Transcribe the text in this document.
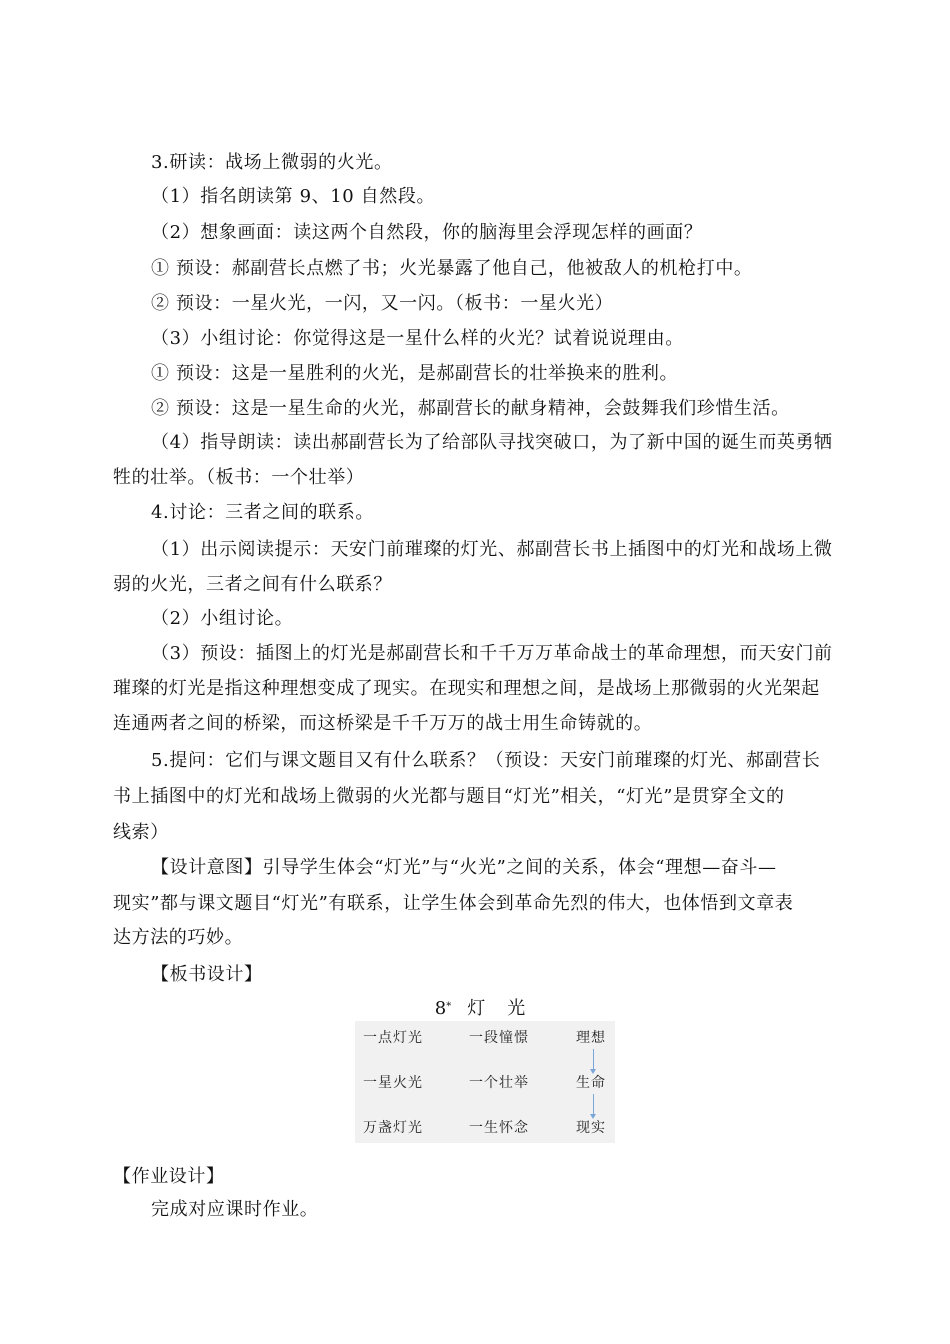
3.研读：战场上微弱的火光。
（1）指名朗读第 9、10 自然段。
（2）想象画面：读这两个自然段，你的脑海里会浮现怎样的画面？
① 预设：郝副营长点燃了书；火光暴露了他自己，他被敌人的机枪打中。
② 预设：一星火光，一闪，又一闪。（板书：一星火光）
（3）小组讨论：你觉得这是一星什么样的火光？试着说说理由。
① 预设：这是一星胜利的火光，是郝副营长的壮举换来的胜利。
② 预设：这是一星生命的火光，郝副营长的献身精神，会鼓舞我们珍惜生活。
（4）指导朗读：读出郝副营长为了给部队寻找突破口，为了新中国的诞生而英勇牺
牲的壮举。（板书：一个壮举）
4.讨论：三者之间的联系。
（1）出示阅读提示：天安门前璀璨的灯光、郝副营长书上插图中的灯光和战场上微
弱的火光，三者之间有什么联系？
（2）小组讨论。
（3）预设：插图上的灯光是郝副营长和千千万万革命战士的革命理想，而天安门前
璀璨的灯光是指这种理想变成了现实。在现实和理想之间，是战场上那微弱的火光架起
连通两者之间的桥梁，而这桥梁是千千万万的战士用生命铸就的。
5.提问：它们与课文题目又有什么联系？（预设：天安门前璀璨的灯光、郝副营长
书上插图中的灯光和战场上微弱的火光都与题目“灯光”相关，“灯光”是贯穿全文的
线索）
【设计意图】引导学生体会“灯光”与“火光”之间的关系，体会“理想—奋斗—
现实”都与课文题目“灯光”有联系，让学生体会到革命先烈的伟大，也体悟到文章表
达方法的巧妙。
【板书设计】
8* 灯 光
一点灯光
一星火光
万盏灯光
一段憧憬
一个壮举
一生怀念
理想
生命
现实
【作业设计】
完成对应课时作业。
